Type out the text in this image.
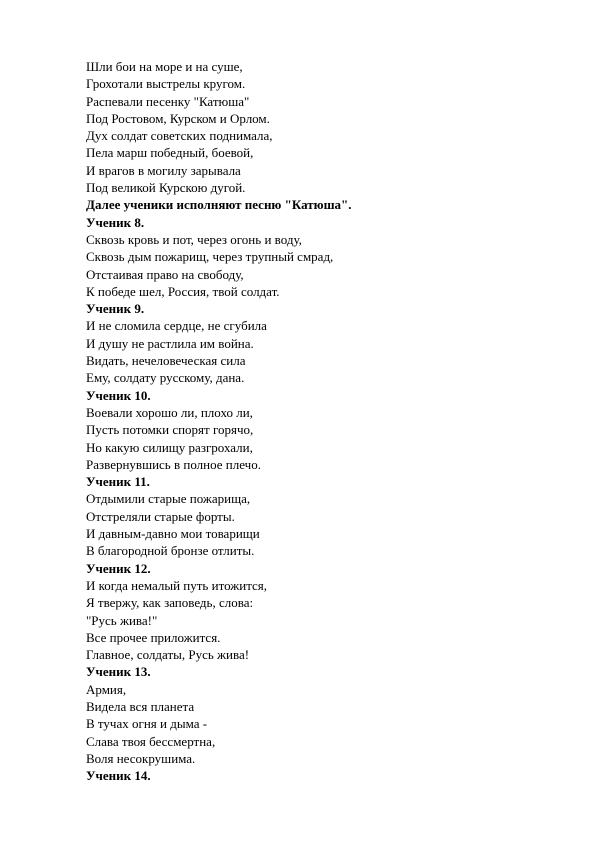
Шли бои на море и на суше,
Грохотали выстрелы кругом.
Распевали песенку "Катюша"
Под Ростовом, Курском и Орлом.
Дух солдат советских поднимала,
Пела марш победный, боевой,
И врагов в могилу зарывала
Под великой Курскою дугой.
Далее ученики исполняют песню "Катюша".
Ученик 8.
Сквозь кровь и пот, через огонь и воду,
Сквозь дым пожарищ, через трупный смрад,
Отстаивая право на свободу,
К победе шел, Россия, твой солдат.
Ученик 9.
И не сломила сердце, не сгубила
И душу не растлила им война.
Видать, нечеловеческая сила
Ему, солдату русскому, дана.
Ученик 10.
Воевали хорошо ли, плохо ли,
Пусть потомки спорят горячо,
Но какую силищу разгрохали,
Развернувшись в полное плечо.
Ученик 11.
Отдымили старые пожарища,
Отстреляли старые форты.
И давным-давно мои товарищи
В благородной бронзе отлиты.
Ученик 12.
И когда немалый путь итожится,
Я твержу, как заповедь, слова:
"Русь жива!"
Все прочее приложится.
Главное, солдаты, Русь жива!
Ученик 13.
Армия,
Видела вся планета
В тучах огня и дыма -
Слава твоя бессмертна,
Воля несокрушима.
Ученик 14.
